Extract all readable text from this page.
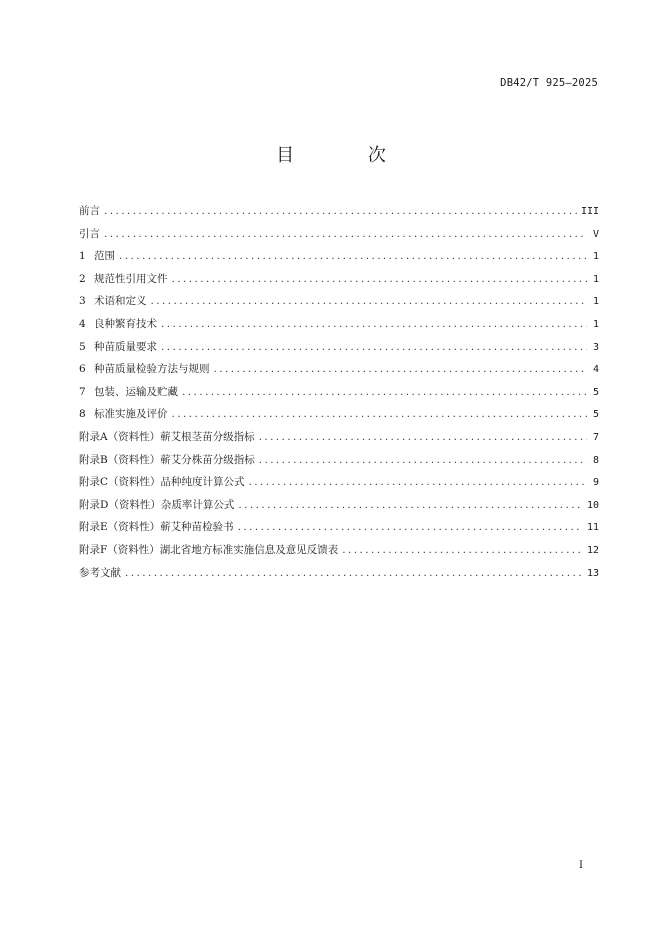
DB42/T 925—2025
目 次
前言 .....	III
引言 .....	V
1 范围 .....	1
2 规范性引用文件 .....	1
3 术语和定义 .....	1
4 良种繁育技术 .....	1
5 种苗质量要求 .....	3
6 种苗质量检验方法与规则 .....	4
7 包装、运输及贮藏 .....	5
8 标准实施及评价 .....	5
附录A（资料性） 蕲艾根茎苗分级指标 .....	7
附录B（资料性） 蕲艾分株苗分级指标 .....	8
附录C（资料性） 品种纯度计算公式 .....	9
附录D（资料性） 杂质率计算公式 .....	10
附录E（资料性） 蕲艾种苗检验书 .....	11
附录F（资料性） 湖北省地方标准实施信息及意见反馈表 .....	12
参考文献 .....	13
I
